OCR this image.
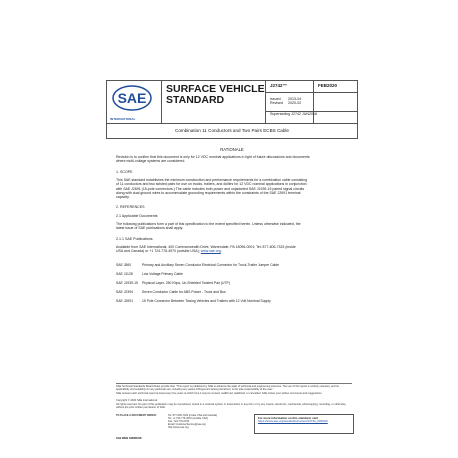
SAE
INTERNATIONAL
SURFACE VEHICLE
STANDARD
J2742™	FEB2020
Issued 2013-04
Revised 2020-02
Superseding J2742 JUN2018
Combination 11 Conductors and Two Pairs ECBS Cable
RATIONALE
Revision is to confirm that this document is only for 12 VDC nominal applications in light of future discussions and documents
where multi-voltage systems are considered.
1. SCOPE
This SAE standard establishes the minimum construction and performance requirements for a combination cable consisting
of 11 conductors and two twisted pairs for use on trucks, trailers, and dollies for 12 VDC nominal applications in conjunction
with SAE J2691 (15-pole connectors.) The cable includes both power and unjacketed SAE J1939-15 paired signal circuits
along with dual ground wires to accommodate grounding requirements within the constraints of the SAE J2691 terminal
capacity.
2. REFERENCES
2.1 Applicable Documents
The following publications form a part of this specification to the extent specified herein. Unless otherwise indicated, the
latest issue of SAE publications shall apply.
2.1.1 SAE Publications
Available from SAE International, 400 Commonwealth Drive, Warrendale, PA 15096-0001; Tel: 877-606-7323 (inside
USA and Canada) or +1 724-776-4970 (outside USA); www.sae.org.
SAE J560	Primary and Auxiliary Seven Conductor Electrical Connector for Truck-Trailer Jumper Cable
SAE J1128	Low Voltage Primary Cable
SAE J1939-15 Physical Layer, 250 Kbps, Un-Shielded Twisted Pair (UTP)
SAE J2394	Seven Conductor Cable for ABS Power - Truck and Bus
SAE J2691	15 Pole Connector Between Towing Vehicles and Trailers with 12 Volt Nominal Supply
SAE Technical Standards Board Rules provide that: "This report is published by SAE to advance the state of technical and engineering sciences. The use of this report is entirely voluntary, and its applicability and suitability for any particular use, including any patent infringement arising therefrom, is the sole responsibility of the user."
SAE reviews each technical report at least every five years at which time it may be revised, reaffirmed, stabilized, or cancelled. SAE invites your written comments and suggestions.
Copyright © 2020 SAE International
All rights reserved. No part of this publication may be reproduced, stored in a retrieval system or transmitted, in any form or by any means, electronic, mechanical, photocopying, recording, or otherwise, without the prior written permission of SAE.
TO PLACE A DOCUMENT ORDER:	Tel: 877-606-7323 (inside USA and Canada)
Tel: +1 724-776-4970 (outside USA)
Fax: 724-776-0790
Email: CustomerService@sae.org
http://www.sae.org
SAE WEB ADDRESS:
For more information on this standard, visit
https://www.sae.org/standards/content/J2742_202002/
